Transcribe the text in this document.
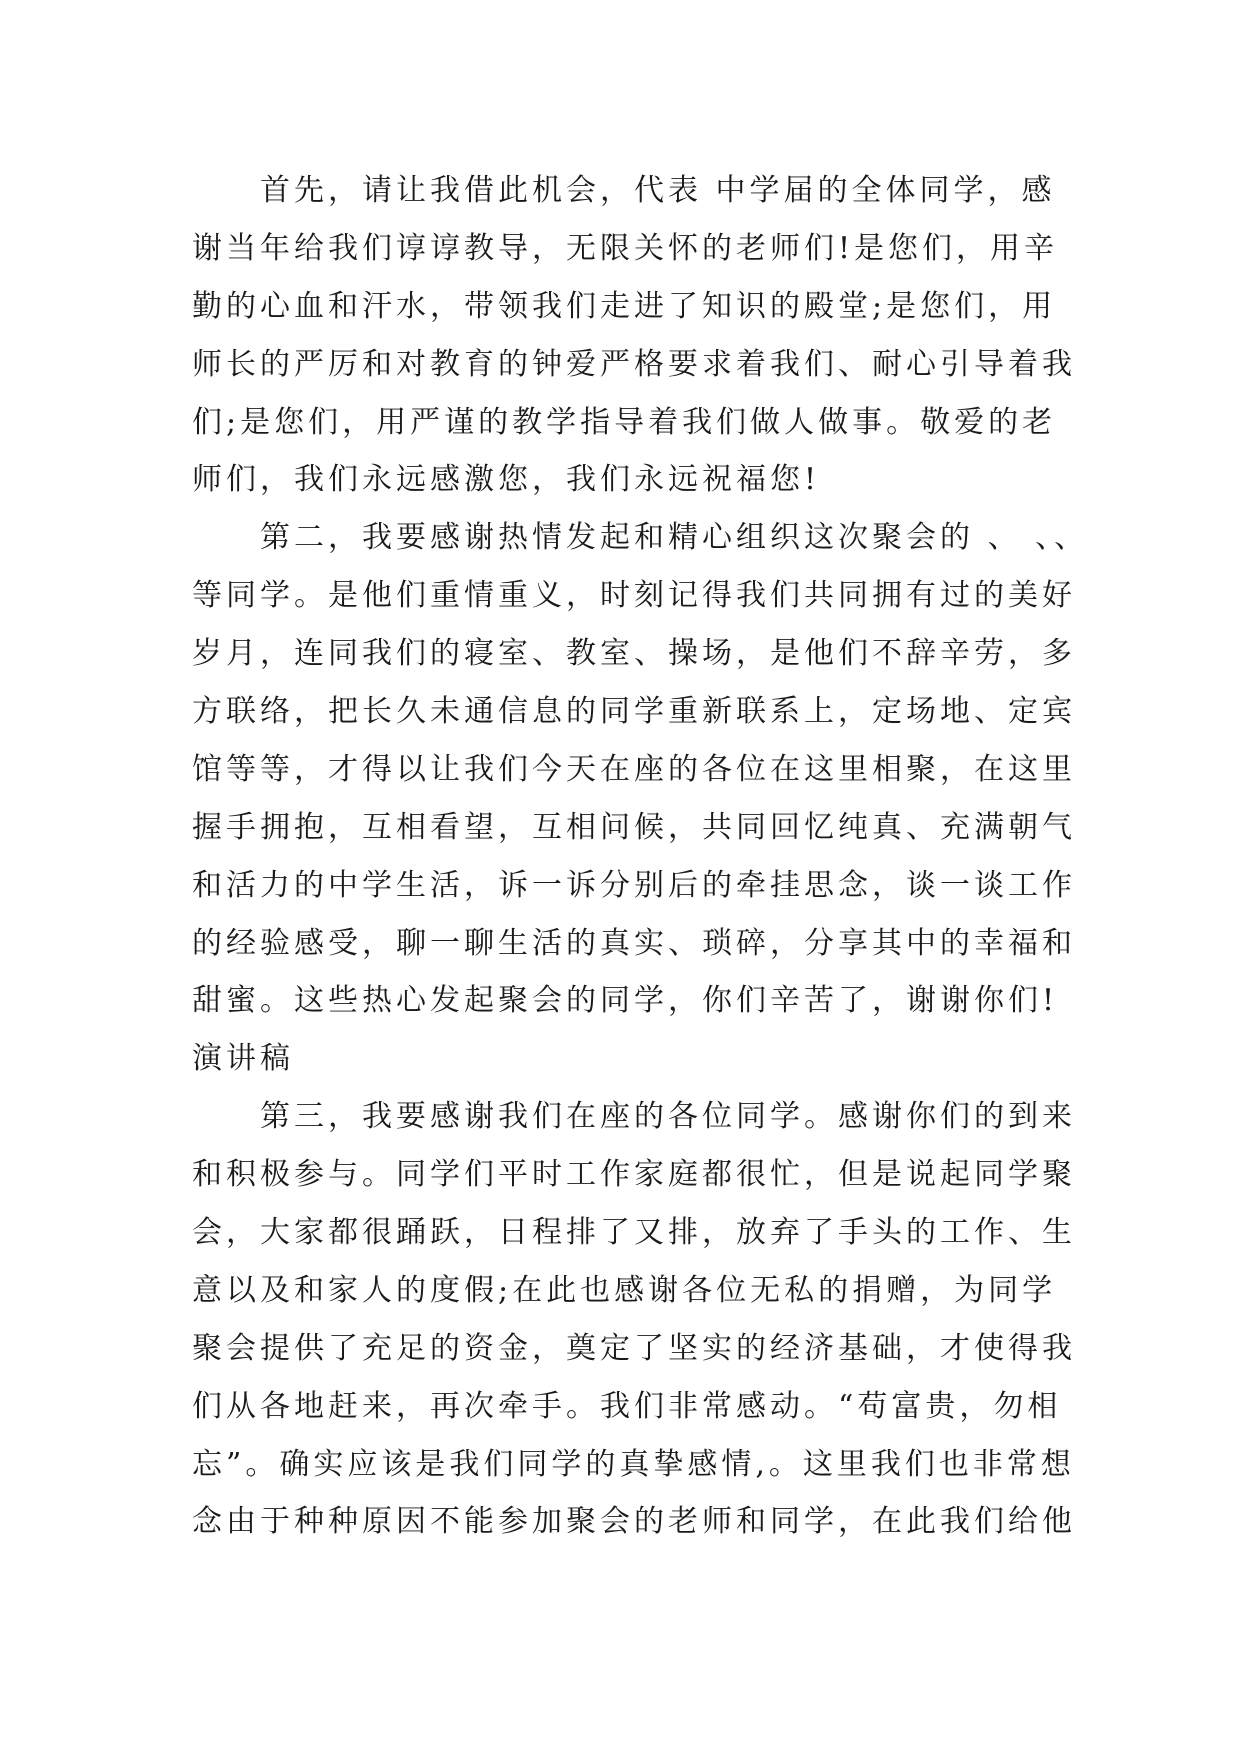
　　首先，请让我借此机会，代表 中学届的全体同学，感
谢当年给我们谆谆教导，无限关怀的老师们!是您们，用辛
勤的心血和汗水，带领我们走进了知识的殿堂;是您们，用
师长的严厉和对教育的钟爱严格要求着我们、耐心引导着我
们;是您们，用严谨的教学指导着我们做人做事。敬爱的老
师们，我们永远感激您，我们永远祝福您!
　　第二，我要感谢热情发起和精心组织这次聚会的 、 、、
等同学。是他们重情重义，时刻记得我们共同拥有过的美好
岁月，连同我们的寝室、教室、操场，是他们不辞辛劳，多
方联络，把长久未通信息的同学重新联系上，定场地、定宾
馆等等，才得以让我们今天在座的各位在这里相聚，在这里
握手拥抱，互相看望，互相问候，共同回忆纯真、充满朝气
和活力的中学生活，诉一诉分别后的牵挂思念，谈一谈工作
的经验感受，聊一聊生活的真实、琐碎，分享其中的幸福和
甜蜜。这些热心发起聚会的同学，你们辛苦了，谢谢你们!
演讲稿
　　第三，我要感谢我们在座的各位同学。感谢你们的到来
和积极参与。同学们平时工作家庭都很忙，但是说起同学聚
会，大家都很踊跃，日程排了又排，放弃了手头的工作、生
意以及和家人的度假;在此也感谢各位无私的捐赠，为同学
聚会提供了充足的资金，奠定了坚实的经济基础，才使得我
们从各地赶来，再次牵手。我们非常感动。“苟富贵，勿相
忘”。确实应该是我们同学的真挚感情,。这里我们也非常想
念由于种种原因不能参加聚会的老师和同学，在此我们给他
